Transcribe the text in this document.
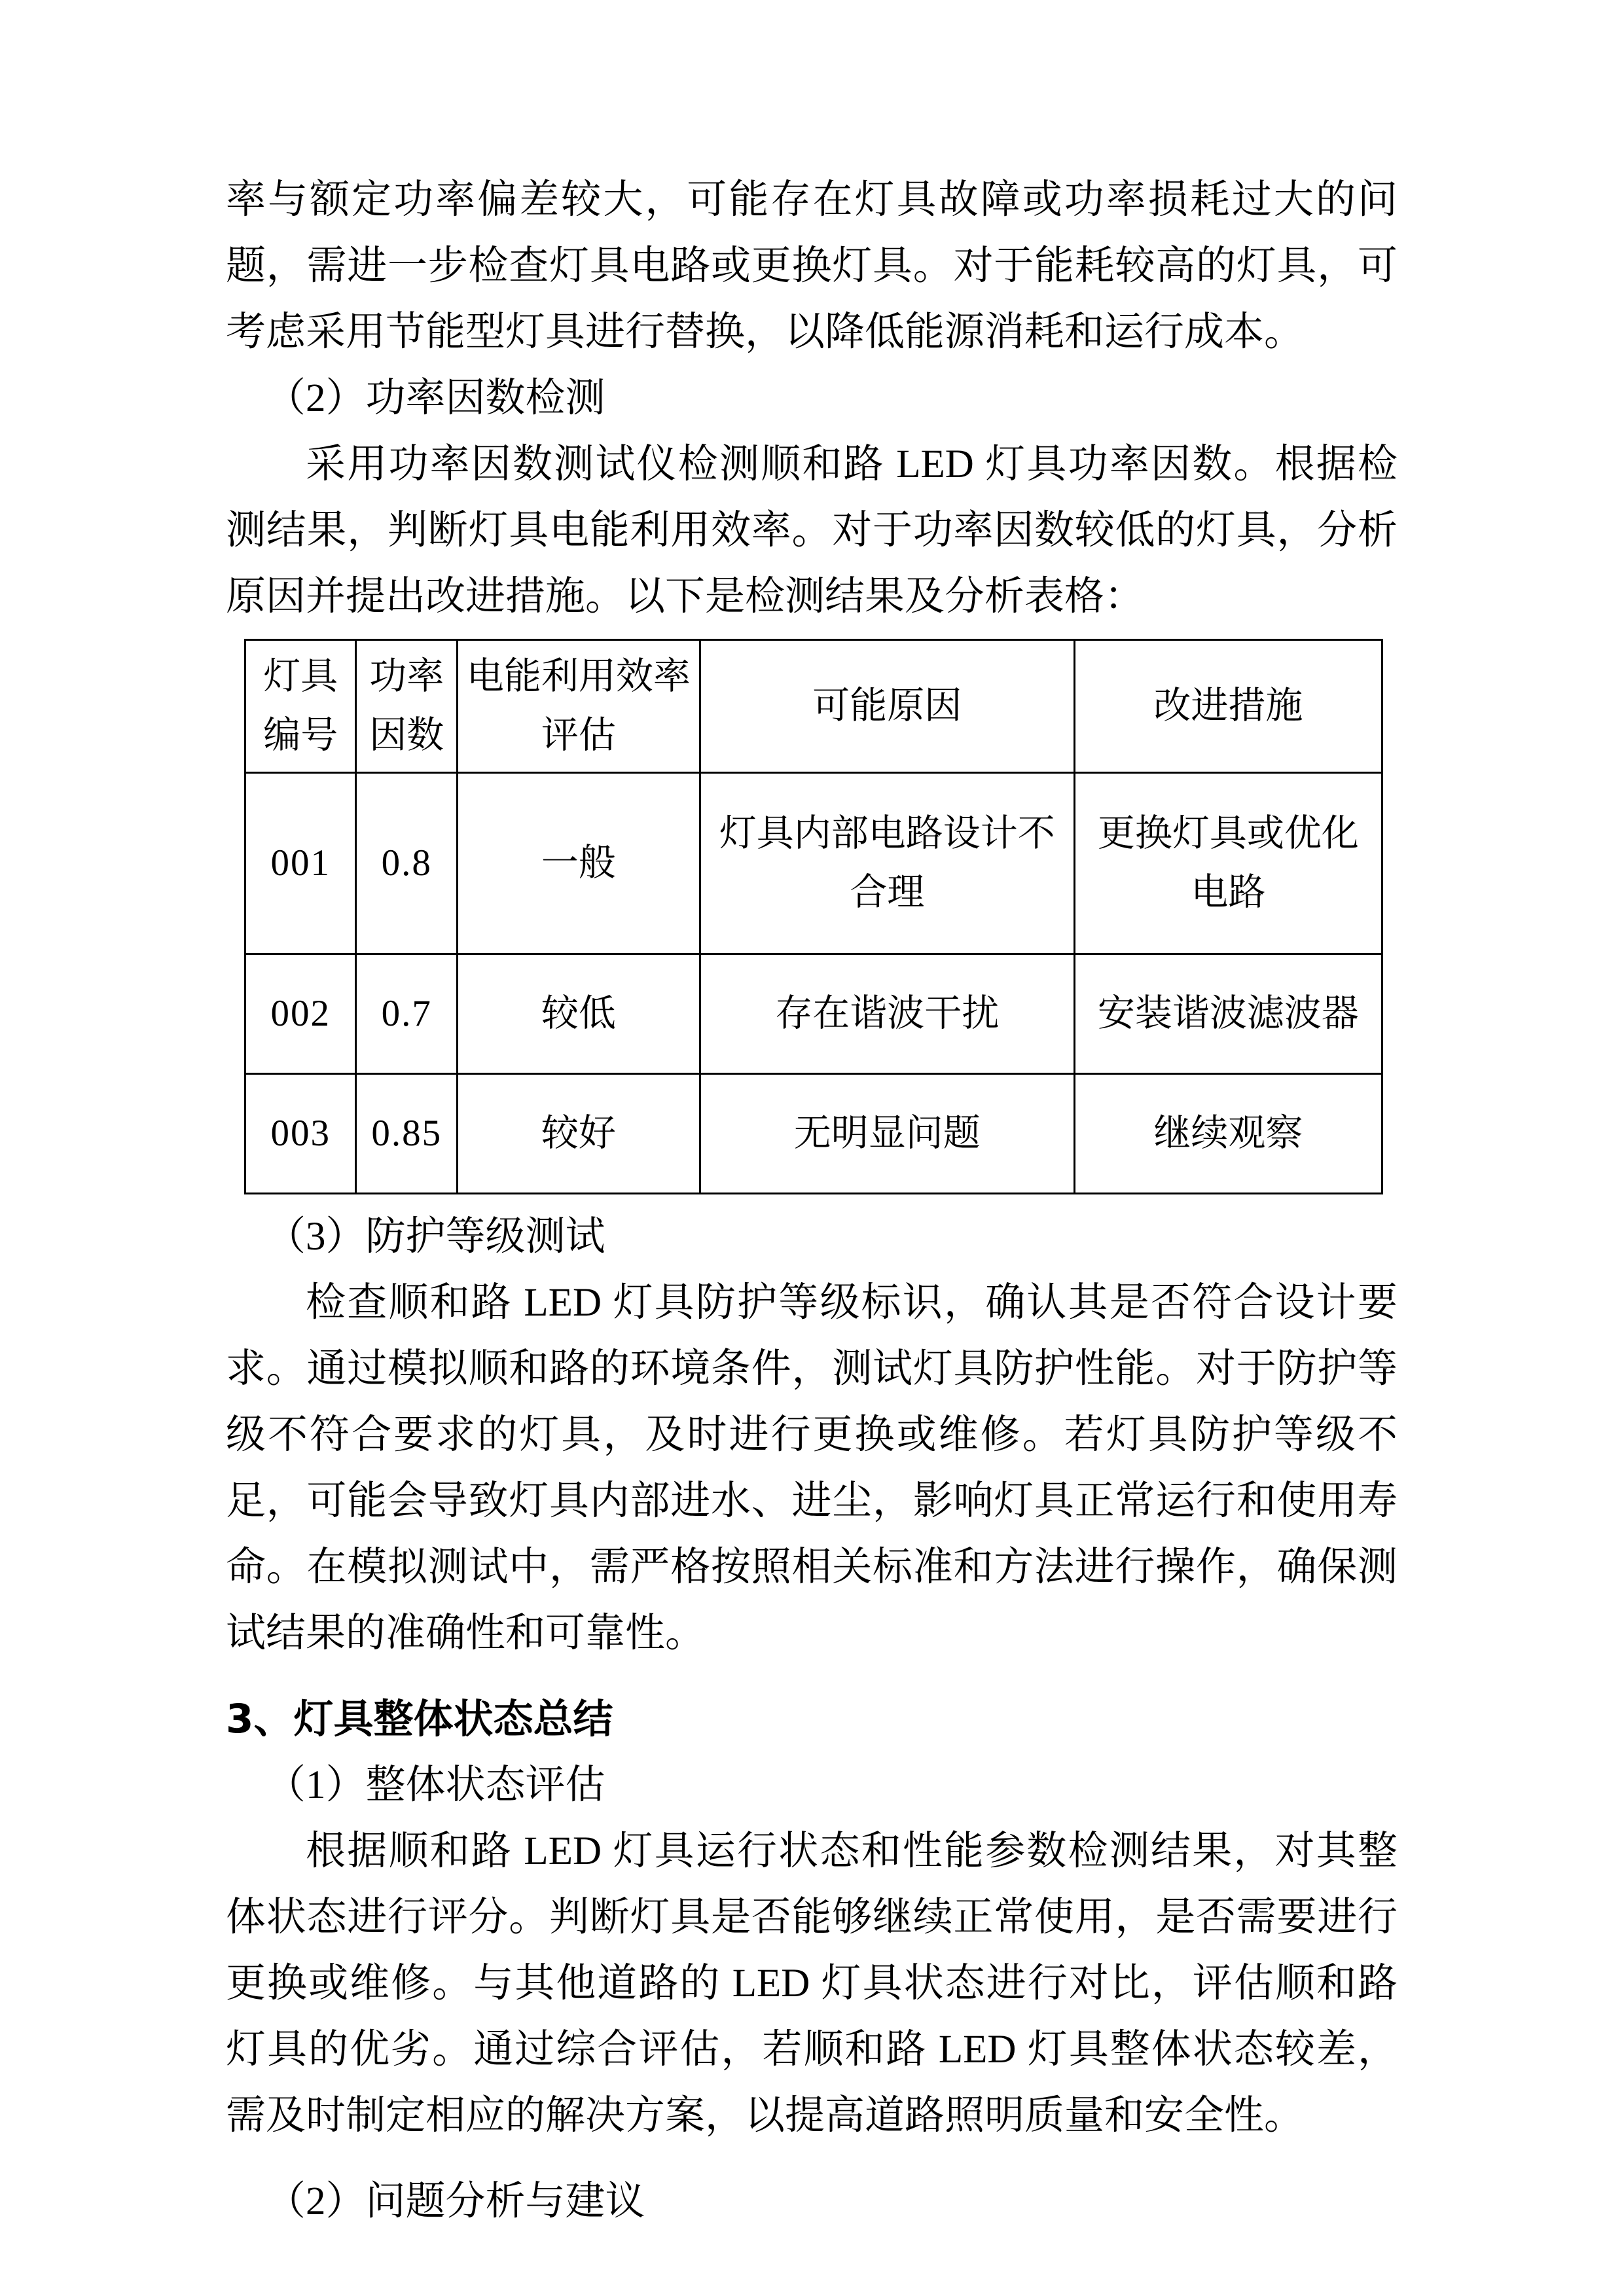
率与额定功率偏差较大，可能存在灯具故障或功率损耗过大的问题，需进一步检查灯具电路或更换灯具。对于能耗较高的灯具，可考虑采用节能型灯具进行替换，以降低能源消耗和运行成本。

（2）功率因数检测

采用功率因数测试仪检测顺和路 LED 灯具功率因数。根据检测结果，判断灯具电能利用效率。对于功率因数较低的灯具，分析原因并提出改进措施。以下是检测结果及分析表格：

灯具编号	功率因数	电能利用效率评估	可能原因	改进措施
001	0.8	一般	灯具内部电路设计不合理	更换灯具或优化电路
002	0.7	较低	存在谐波干扰	安装谐波滤波器
003	0.85	较好	无明显问题	继续观察

（3）防护等级测试

检查顺和路 LED 灯具防护等级标识，确认其是否符合设计要求。通过模拟顺和路的环境条件，测试灯具防护性能。对于防护等级不符合要求的灯具，及时进行更换或维修。若灯具防护等级不足，可能会导致灯具内部进水、进尘，影响灯具正常运行和使用寿命。在模拟测试中，需严格按照相关标准和方法进行操作，确保测试结果的准确性和可靠性。

3、灯具整体状态总结

（1）整体状态评估

根据顺和路 LED 灯具运行状态和性能参数检测结果，对其整体状态进行评分。判断灯具是否能够继续正常使用，是否需要进行更换或维修。与其他道路的 LED 灯具状态进行对比，评估顺和路灯具的优劣。通过综合评估，若顺和路 LED 灯具整体状态较差，需及时制定相应的解决方案，以提高道路照明质量和安全性。

（2）问题分析与建议
